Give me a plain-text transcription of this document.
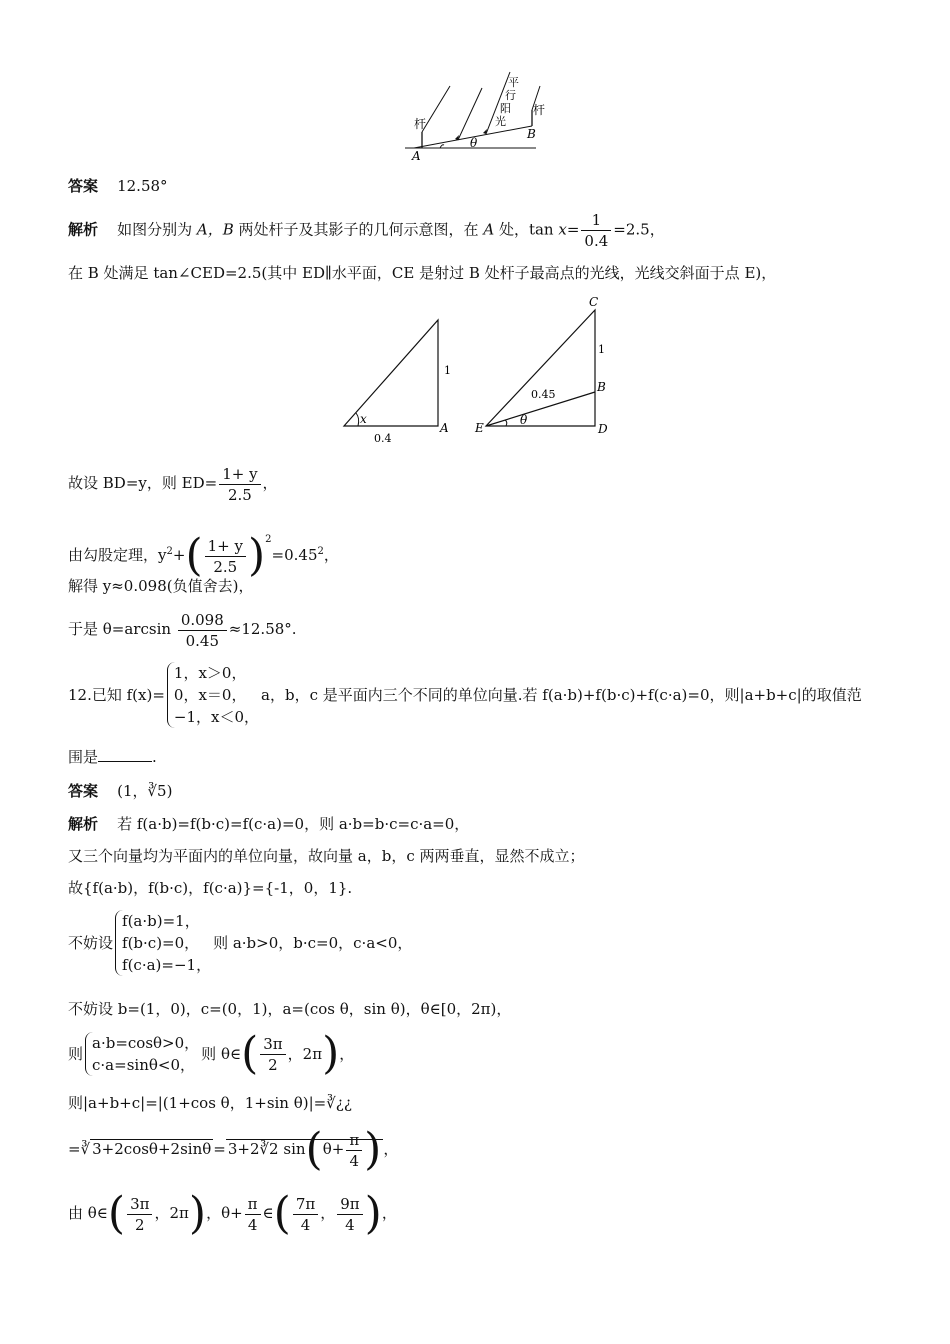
杆
杆
平
行
阳
光
A
B
θ
答案 12.58°
解析 如图分别为 A，B 两处杆子及其影子的几何示意图，在 A 处，$\tan x= \frac{1}{0.4} =2.5$，
在 B 处满足 tan∠CED=2.5(其中 ED∥水平面，CE 是射过 B 处杆子最高点的光线，光线交斜面于点 E)，
x
0.4
1
A
C
B
E	D
θ
0.45
1
故设 BD=y，则 $ED= \frac{1+ y}{2.5}$ ，
由勾股定理，$y^2+( \frac{1+ y}{2.5} )^2=0.45^2$，
解得 y≈0.098(负值舍去)，
于是 $\theta=\arcsin \frac{0.098}{0.45} \approx 12.58^\circ$.
12.已知 f(x)=
1，x＞0，
0，x＝0，
−1，x＜0，
a，b，c 是平面内三个不同的单位向量.若 f(a·b)+f(b·c)+f(c·a)=0，则|a+b+c|的取值范
围是	.
答案 (1，∛5)
解析 若 f(a·b)=f(b·c)=f(c·a)=0，则 a·b=b·c=c·a=0，
又三个向量均为平面内的单位向量，故向量 a，b，c 两两垂直，显然不成立；
故{f(a·b)，f(b·c)，f(c·a)}={-1，0，1}.
不妨设
f(a·b)=1，
f(b·c)=0，
f(c·a)=−1，
则 a·b>0，b·c=0，c·a<0，
不妨设 b=(1，0)，c=(0，1)，a=(cos θ，sin θ)，θ∈[0，2π)，
则
a·b=cosθ>0，
c·a=sinθ<0，
则 θ∈( $\frac{3\pi}{2}$ ，2π)，
则|a+b+c|=|(1+cos θ，1+sin θ)|=∛¿¿
=∛ 3+2cosθ+2sinθ = 3+2∛2 $\sin(\theta+ \frac{\pi}{4}$ ) ，
由 θ∈( $\frac{3\pi}{2}$ ，2π)，$\theta+ \frac{\pi}{4}$ ∈( $\frac{7\pi}{4}$ ， $\frac{9\pi}{4}$ )，
